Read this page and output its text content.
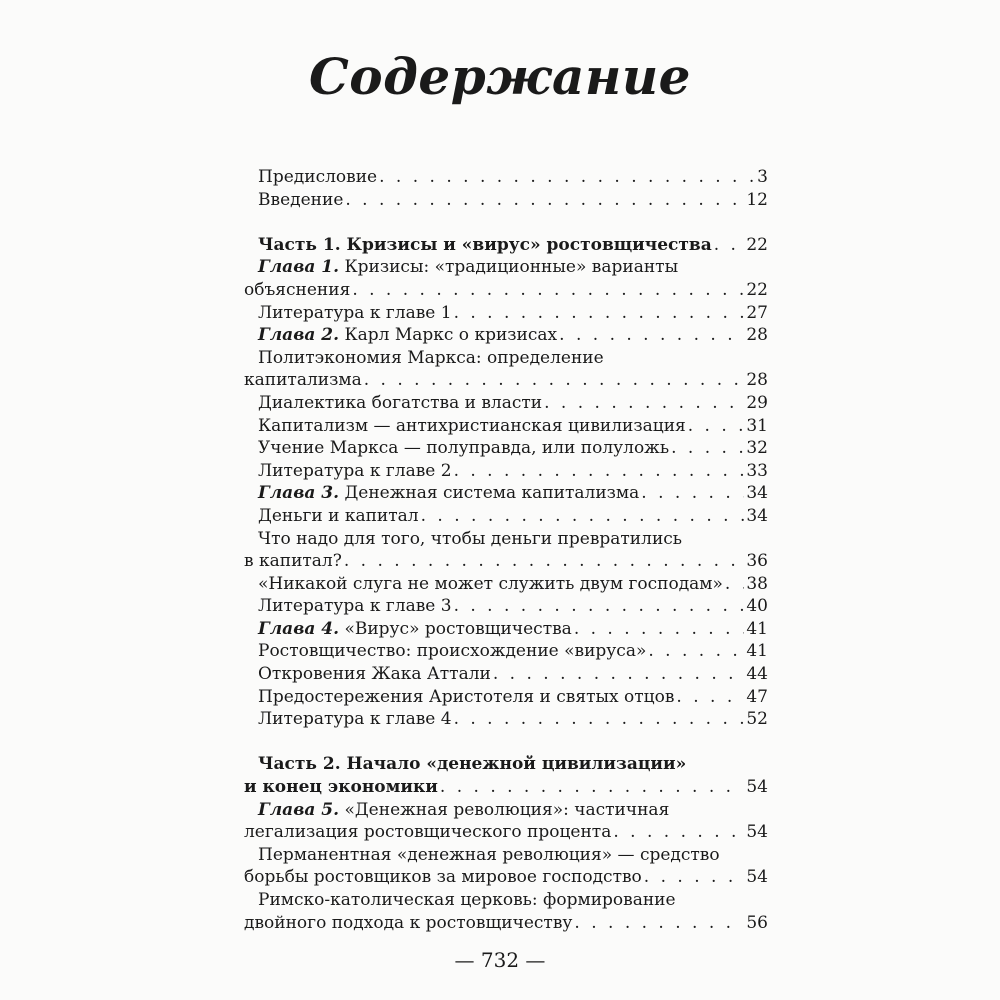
Содержание
Предисловие . . .	3
Введение . . .	12
Часть 1. Кризисы и «вирус» ростовщичества . . . 22
Глава 1. Кризисы: «традиционные» варианты
объяснения . . .	22
Литература к главе 1 . . .	27
Глава 2. Карл Маркс о кризисах . . .	28
Политэкономия Маркса: определение
капитализма . . .	28
Диалектика богатства и власти . . .	29
Капитализм — антихристианская цивилизация . . .	31
Учение Маркса — полуправда, или полуложь . . .	32
Литература к главе 2 . . .	33
Глава 3. Денежная система капитализма . . .	34
Деньги и капитал . . .	34
Что надо для того, чтобы деньги превратились
в капитал? . . .	36
«Никакой слуга не может служить двум господам» . . . 38
Литература к главе 3 . . .	40
Глава 4. «Вирус» ростовщичества . . .	41
Ростовщичество: происхождение «вируса» . . .	41
Откровения Жака Аттали . . .	44
Предостережения Аристотеля и святых отцов . . .	47
Литература к главе 4 . . .	52
Часть 2. Начало «денежной цивилизации»
и конец экономики . . .	54
Глава 5. «Денежная революция»: частичная
легализация ростовщического процента . . .	54
Перманентная «денежная революция» — средство
борьбы ростовщиков за мировое господство . . .	54
Римско-католическая церковь: формирование
двойного подхода к ростовщичеству . . .	56
— 732 —
